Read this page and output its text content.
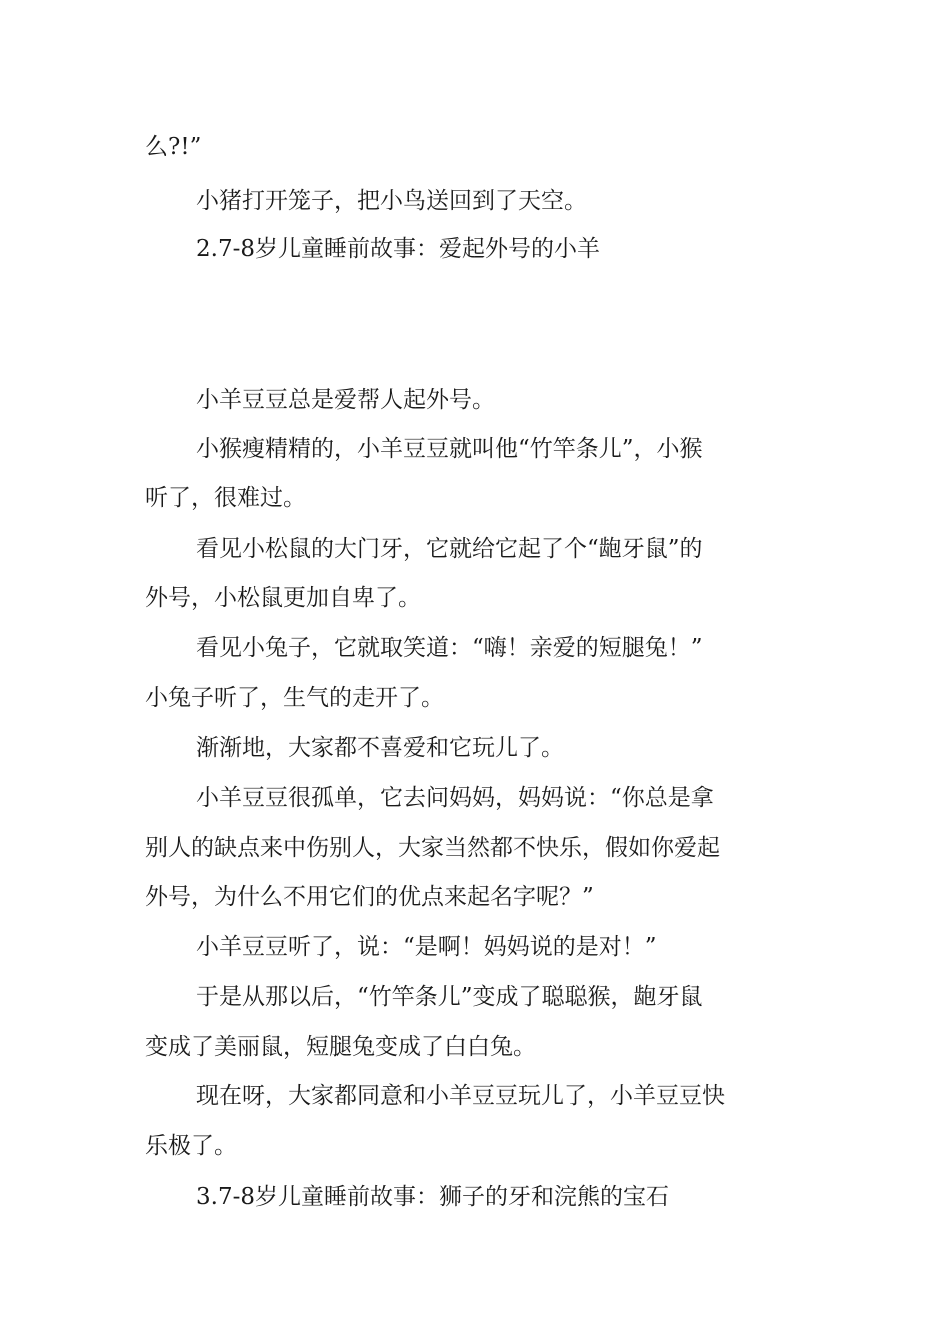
么?!”
小猪打开笼子，把小鸟送回到了天空。
2.7-8岁儿童睡前故事：爱起外号的小羊
小羊豆豆总是爱帮人起外号。
小猴瘦精精的，小羊豆豆就叫他“竹竿条儿”，小猴
听了，很难过。
看见小松鼠的大门牙，它就给它起了个“龅牙鼠”的
外号，小松鼠更加自卑了。
看见小兔子，它就取笑道：“嗨！亲爱的短腿兔！”
小兔子听了，生气的走开了。
渐渐地，大家都不喜爱和它玩儿了。
小羊豆豆很孤单，它去问妈妈，妈妈说：“你总是拿
别人的缺点来中伤别人，大家当然都不快乐，假如你爱起
外号，为什么不用它们的优点来起名字呢？”
小羊豆豆听了，说：“是啊！妈妈说的是对！”
于是从那以后，“竹竿条儿”变成了聪聪猴，龅牙鼠
变成了美丽鼠，短腿兔变成了白白兔。
现在呀，大家都同意和小羊豆豆玩儿了，小羊豆豆快
乐极了。
3.7-8岁儿童睡前故事：狮子的牙和浣熊的宝石
